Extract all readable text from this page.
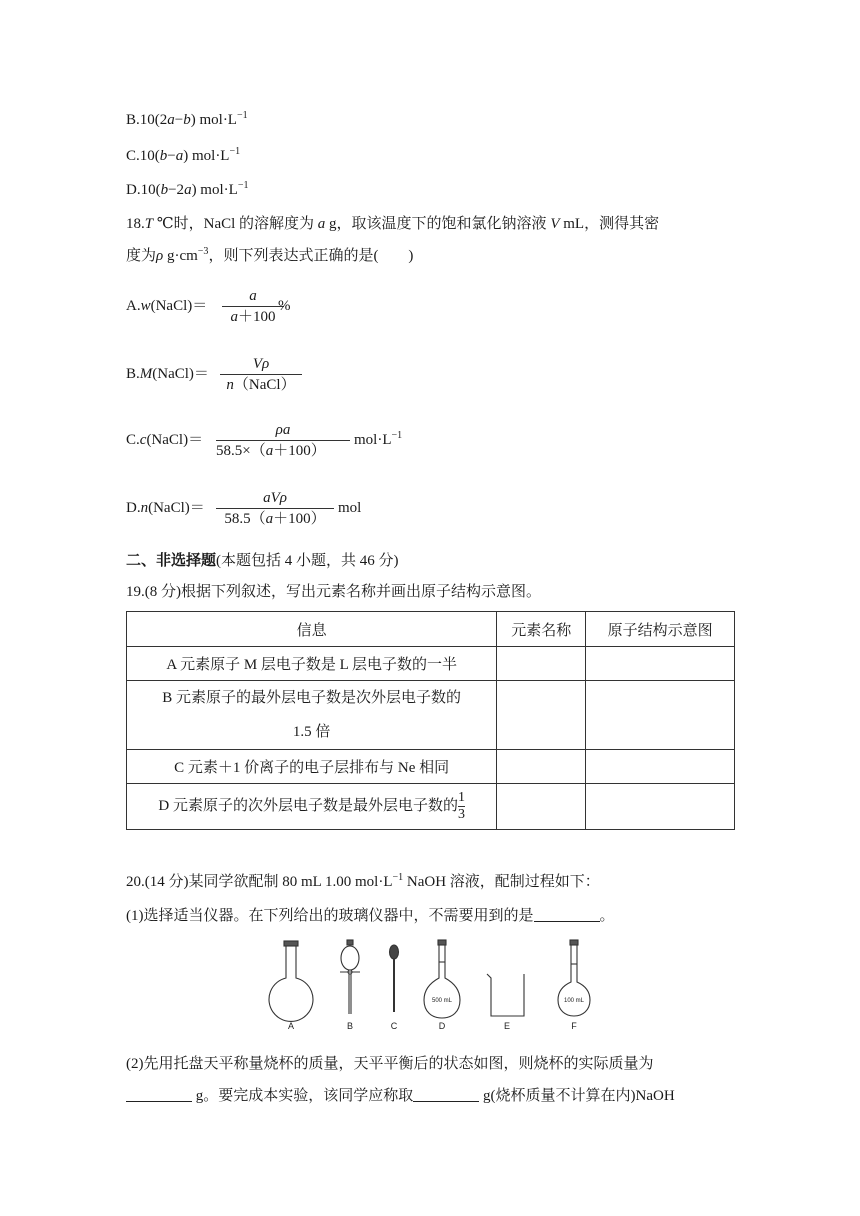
B.10(2a−b) $mol\cdot L^{-1}$
C.10(b−a) $mol\cdot L^{-1}$
D.10(b−2a) $mol\cdot L^{-1}$
18.T ℃时，NaCl 的溶解度为 a g，取该温度下的饱和氯化钠溶液 V mL，测得其密
度为ρ $g\cdot cm^{-3}$，则下列表达式正确的是(　　)
A.w(NaCl)＝
a
a＋100
%
B.M(NaCl)＝
Vρ
n（NaCl）
C.c(NaCl)＝
ρa
58.5×（a＋100）
$mol\cdot L^{-1}$
D.n(NaCl)＝
aVρ
58.5（a＋100）
mol
二、非选择题(本题包括 4 小题，共 46 分)
19.(8 分)根据下列叙述，写出元素名称并画出原子结构示意图。
信息	元素名称	原子结构示意图
A 元素原子 M 层电子数是 L 层电子数的一半		
B 元素原子的最外层电子数是次外层电子数的
1.5 倍		
C 元素＋1 价离子的电子层排布与 Ne 相同		
D 元素原子的次外层电子数是最外层电子数的 $\frac{1}{3}$

20.(14 分)某同学欲配制 80 mL 1.00 $mol\cdot L^{-1}$ NaOH 溶液，配制过程如下：
(1)选择适当仪器。在下列给出的玻璃仪器中，不需要用到的是	。
500 mL	100 mL
A	B	C	D	E	F
(2)先用托盘天平称量烧杯的质量，天平平衡后的状态如图，则烧杯的实际质量为
g。要完成本实验，该同学应称取	g(烧杯质量不计算在内)NaOH
